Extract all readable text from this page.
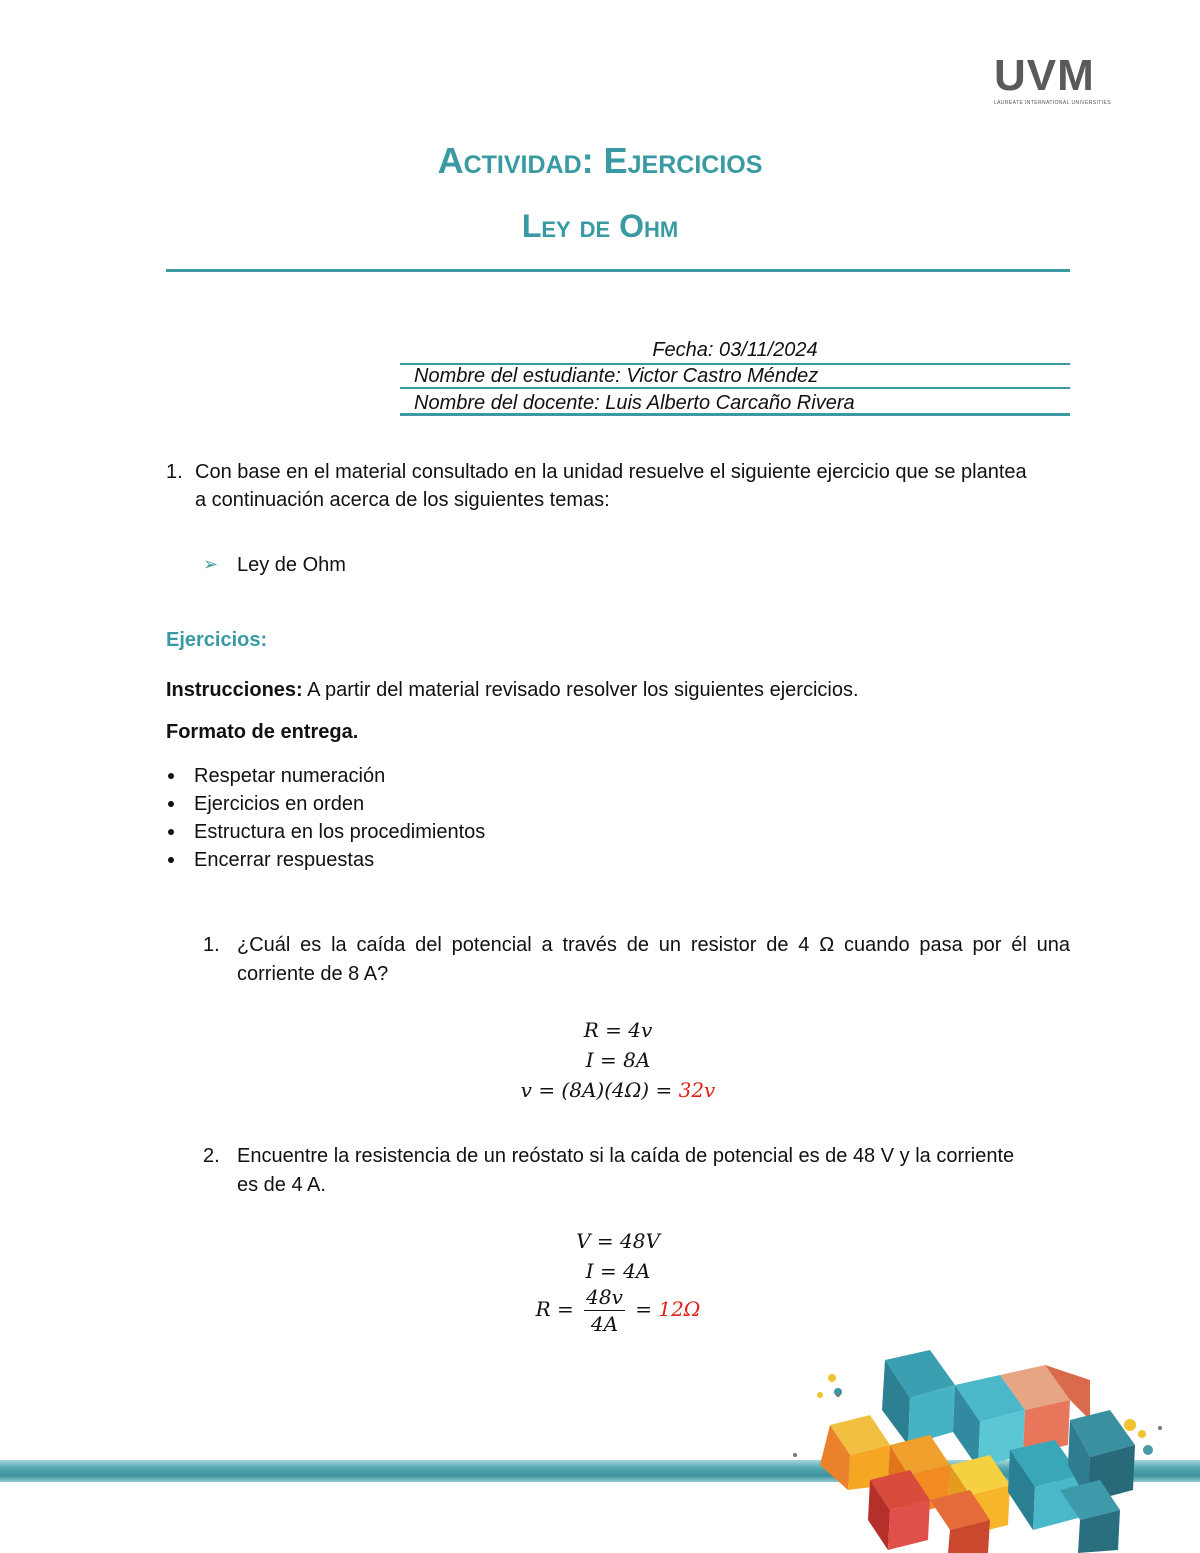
UVM
LAUREATE INTERNATIONAL UNIVERSITIES
Actividad: Ejercicios
Ley de Ohm
Fecha: 03/11/2024
Nombre del estudiante: Victor Castro Méndez
Nombre del docente: Luis Alberto Carcaño Rivera
1. Con base en el material consultado en la unidad resuelve el siguiente ejercicio que se plantea
a continuación acerca de los siguientes temas:
➢ Ley de Ohm
Ejercicios:
Instrucciones: A partir del material revisado resolver los siguientes ejercicios.
Formato de entrega.
Respetar numeración
Ejercicios en orden
Estructura en los procedimientos
Encerrar respuestas
1. ¿Cuál es la caída del potencial a través de un resistor de 4 Ω cuando pasa por él una
corriente de 8 A?
R = 4v
I = 8A
v = (8A)(4Ω) = 32v
2. Encuentre la resistencia de un reóstato si la caída de potencial es de 48 V y la corriente
es de 4 A.
V = 48V
I = 4A
$R = \frac{48v}{4A} = 12\Omega$
